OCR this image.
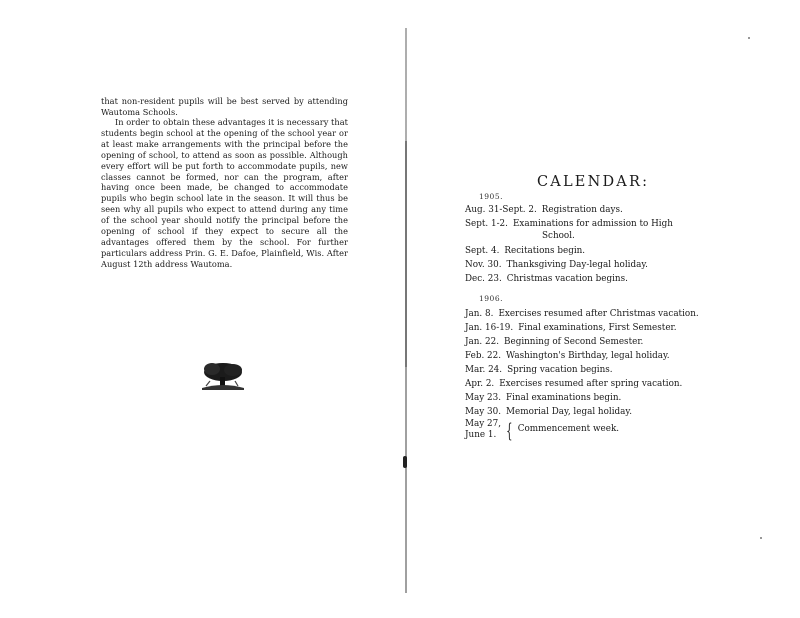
that non-resident pupils will be best served by attending Wautoma Schools.

In order to obtain these advantages it is necessary that students begin school at the opening of the school year or at least make arrangements with the principal before the opening of school, to attend as soon as possible. Although every effort will be put forth to accommodate pupils, new classes cannot be formed, nor can the program, after having once been made, be changed to accommodate pupils who begin school late in the season. It will thus be seen why all pupils who expect to attend during any time of the school year should notify the principal before the opening of school if they expect to secure all the advantages offered them by the school. For further particulars address Prin. G. E. Dafoe, Plainfield, Wis. After August 12th address Wautoma.

CALENDAR:
1905.
Aug. 31-Sept. 2. Registration days.
Sept. 1-2. Examinations for admission to High
School.
Sept. 4. Recitations begin.
Nov. 30. Thanksgiving Day-legal holiday.
Dec. 23. Christmas vacation begins.
1906.
Jan. 8. Exercises resumed after Christmas vacation.
Jan. 16-19. Final examinations, First Semester.
Jan. 22. Beginning of Second Semester.
Feb. 22. Washington's Birthday, legal holiday.
Mar. 24. Spring vacation begins.
Apr. 2. Exercises resumed after spring vacation.
May 23. Final examinations begin.
May 30. Memorial Day, legal holiday.
May 27,
June 1. { Commencement week.
